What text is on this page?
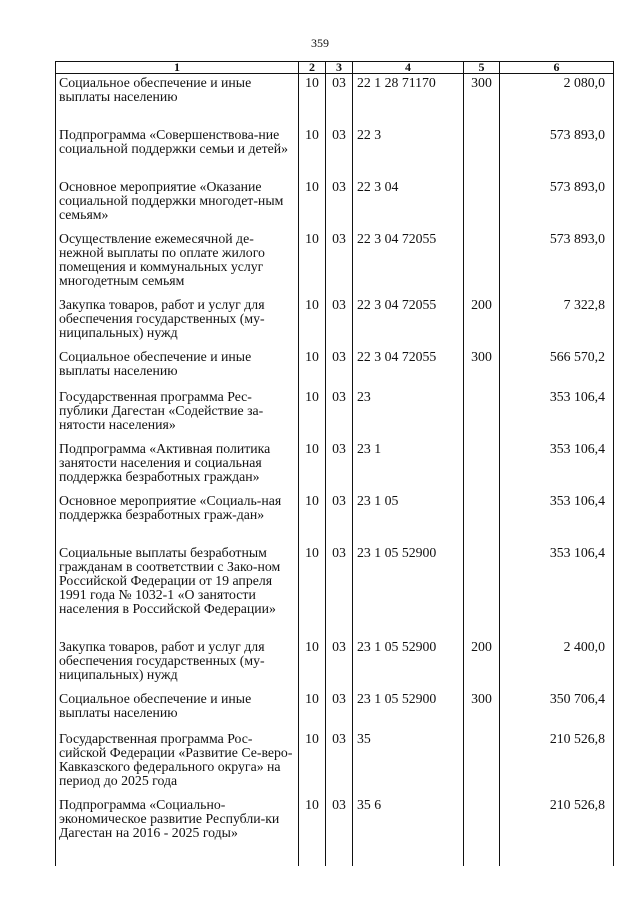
359
1	2	3	4	5	6
Социальное обеспечение и иные выплаты населению	10	03	22 1 28 71170	300	2 080,0
Подпрограмма «Совершенствова-ние социальной поддержки семьи и детей»	10	03	22 3		573 893,0
Основное мероприятие «Оказание социальной поддержки многодет-ным семьям»	10	03	22 3 04		573 893,0
Осуществление ежемесячной де-нежной выплаты по оплате жилого помещения и коммунальных услуг многодетным семьям	10	03	22 3 04 72055		573 893,0
Закупка товаров, работ и услуг для обеспечения государственных (му-ниципальных) нужд	10	03	22 3 04 72055	200	7 322,8
Социальное обеспечение и иные выплаты населению	10	03	22 3 04 72055	300	566 570,2
Государственная программа Рес-публики Дагестан «Содействие за-нятости населения»	10	03	23		353 106,4
Подпрограмма «Активная политика занятости населения и социальная поддержка безработных граждан»	10	03	23 1		353 106,4
Основное мероприятие «Социаль-ная поддержка безработных граж-дан»	10	03	23 1 05		353 106,4
Социальные выплаты безработным гражданам в соответствии с Зако-ном Российской Федерации от 19 апреля 1991 года № 1032-1 «О занятости населения в Российской Федерации»	10	03	23 1 05 52900		353 106,4
Закупка товаров, работ и услуг для обеспечения государственных (му-ниципальных) нужд	10	03	23 1 05 52900	200	2 400,0
Социальное обеспечение и иные выплаты населению	10	03	23 1 05 52900	300	350 706,4
Государственная программа Рос-сийской Федерации «Развитие Се-веро-Кавказского федерального округа» на период до 2025 года	10	03	35		210 526,8
Подпрограмма «Социально-экономическое развитие Республи-ки Дагестан на 2016 - 2025 годы»	10	03	35 6		210 526,8
